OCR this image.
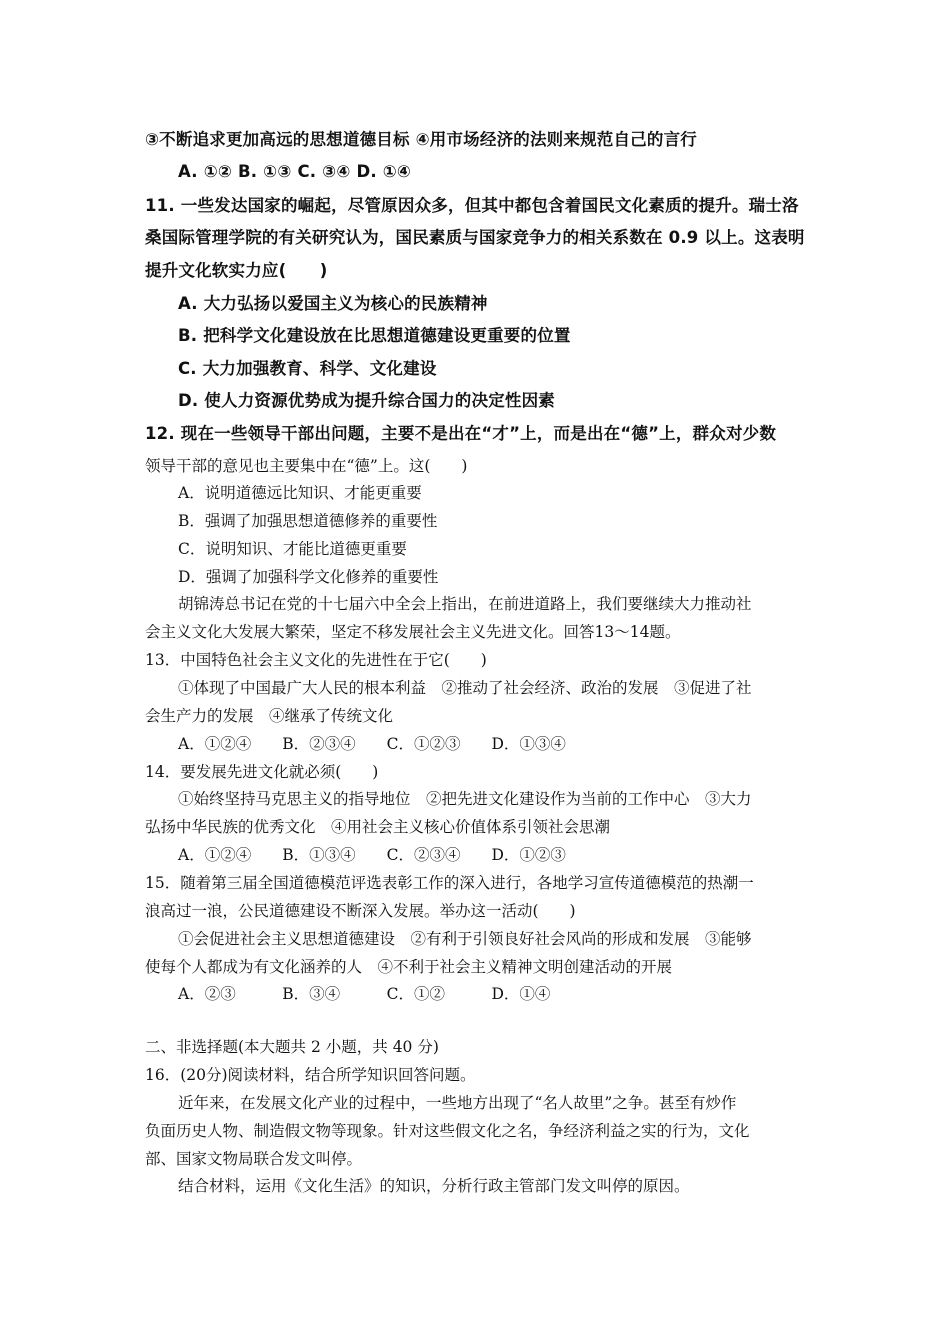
③不断追求更加高远的思想道德目标 ④用市场经济的法则来规范自己的言行
A. ①② B. ①③ C. ③④ D. ①④
11. 一些发达国家的崛起，尽管原因众多，但其中都包含着国民文化素质的提升。瑞士洛
桑国际管理学院的有关研究认为，国民素质与国家竞争力的相关系数在 0.9 以上。这表明
提升文化软实力应(　　)
A. 大力弘扬以爱国主义为核心的民族精神
B. 把科学文化建设放在比思想道德建设更重要的位置
C. 大力加强教育、科学、文化建设
D. 使人力资源优势成为提升综合国力的决定性因素
12. 现在一些领导干部出问题，主要不是出在“才”上，而是出在“德”上，群众对少数
领导干部的意见也主要集中在“德”上。这(　　)
A．说明道德远比知识、才能更重要
B．强调了加强思想道德修养的重要性
C．说明知识、才能比道德更重要
D．强调了加强科学文化修养的重要性
胡锦涛总书记在党的十七届六中全会上指出，在前进道路上，我们要继续大力推动社
会主义文化大发展大繁荣，坚定不移发展社会主义先进文化。回答13～14题。
13．中国特色社会主义文化的先进性在于它(　　)
①体现了中国最广大人民的根本利益　②推动了社会经济、政治的发展　③促进了社
会生产力的发展　④继承了传统文化
A．①②④　　B．②③④　　C．①②③　　D．①③④
14．要发展先进文化就必须(　　)
①始终坚持马克思主义的指导地位　②把先进文化建设作为当前的工作中心　③大力
弘扬中华民族的优秀文化　④用社会主义核心价值体系引领社会思潮
A．①②④　　B．①③④　　C．②③④　　D．①②③
15．随着第三届全国道德模范评选表彰工作的深入进行，各地学习宣传道德模范的热潮一
浪高过一浪，公民道德建设不断深入发展。举办这一活动(　　)
①会促进社会主义思想道德建设　②有利于引领良好社会风尚的形成和发展　③能够
使每个人都成为有文化涵养的人　④不利于社会主义精神文明创建活动的开展
A．②③　　　B．③④　　　C．①②　　　D．①④
二、非选择题(本大题共 2 小题，共 40 分)
16．(20分)阅读材料，结合所学知识回答问题。
近年来，在发展文化产业的过程中，一些地方出现了“名人故里”之争。甚至有炒作
负面历史人物、制造假文物等现象。针对这些假文化之名，争经济利益之实的行为，文化
部、国家文物局联合发文叫停。
结合材料，运用《文化生活》的知识，分析行政主管部门发文叫停的原因。
